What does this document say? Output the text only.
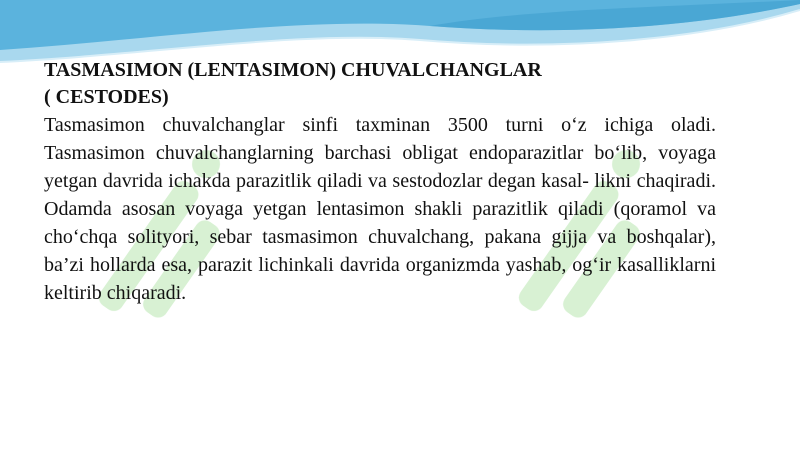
TASMASIMON (LENTASIMON) CHUVALCHANGLAR
( CESTODES)

Tasmasimon chuvalchanglar sinfi taxminan 3500 turni o‘z ichiga oladi. Tasmasimon chuvalchanglarning barchasi obligat endoparazitlar bo‘lib, voyaga yetgan davrida ichakda parazitlik qiladi va sestodozlar degan kasal- likni chaqiradi. Odamda asosan voyaga yetgan lentasimon shakli parazitlik qiladi (qoramol va cho‘chqa solityori, sebar tasmasimon chuvalchang, pakana gijja va boshqalar), ba’zi hollarda esa, parazit lichinkali davrida organizmda yashab, og‘ir kasalliklarni keltirib chiqaradi.
